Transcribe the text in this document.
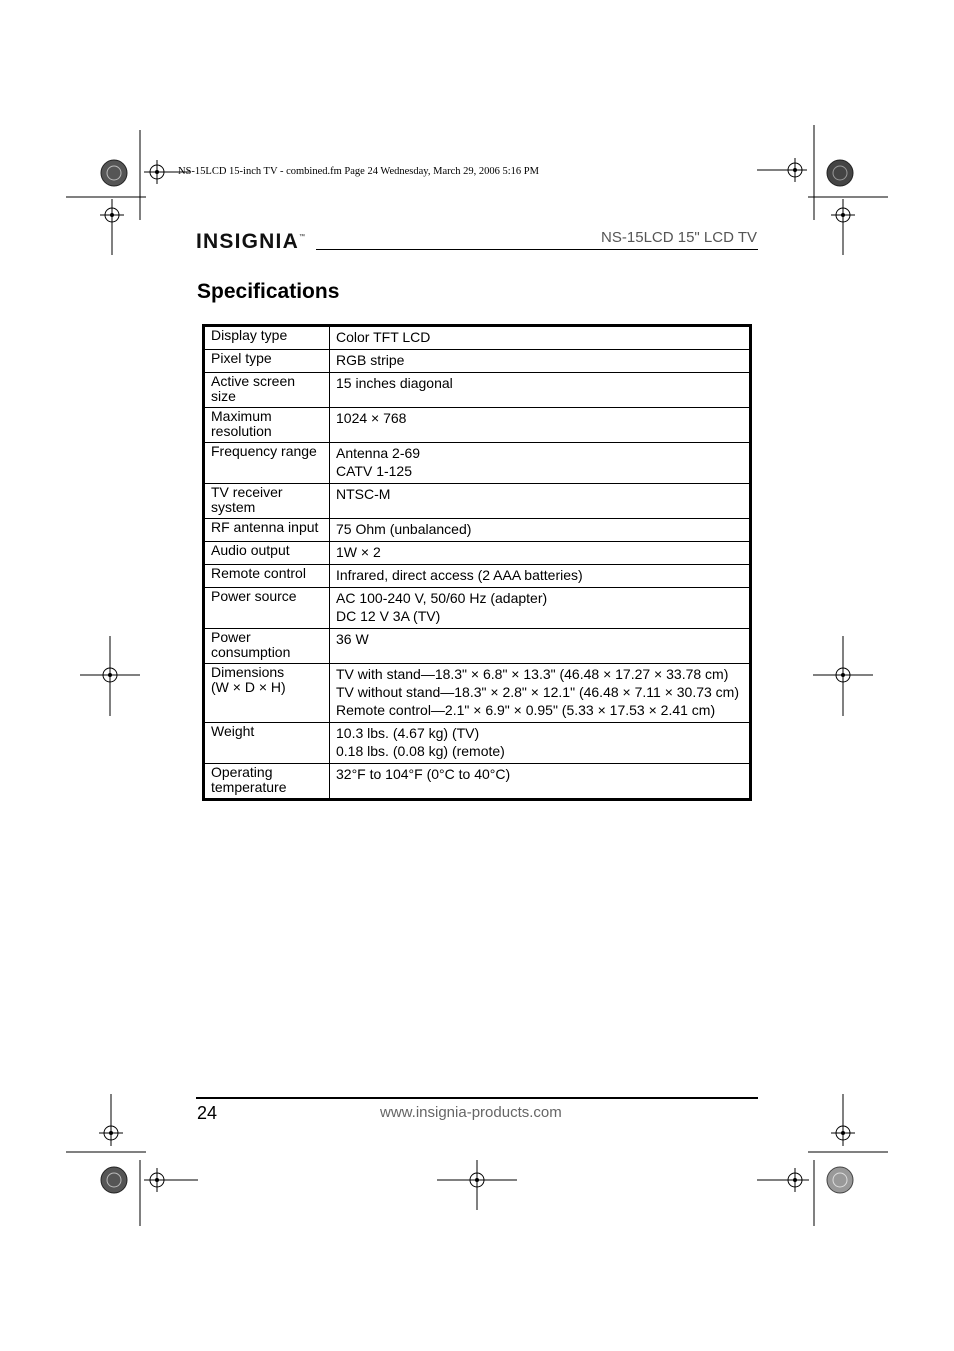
NS-15LCD 15-inch TV - combined.fm Page 24 Wednesday, March 29, 2006 5:16 PM
INSIGNIA™	NS-15LCD 15" LCD TV
Specifications
Display type	Color TFT LCD

Pixel type	RGB stripe

Active screen size	15 inches diagonal

Maximum
resolution	1024 × 768

Frequency range	Antenna 2-69
CATV 1-125

TV receiver
system	NTSC-M

RF antenna input	75 Ohm (unbalanced)

Audio output	1W × 2

Remote control	Infrared, direct access (2 AAA batteries)

Power source	AC 100-240 V, 50/60 Hz (adapter)
DC 12 V 3A (TV)

Power
consumption	36 W

Dimensions
(W × D × H)	TV with stand—18.3" × 6.8" × 13.3" (46.48 × 17.27 × 33.78 cm)
TV without stand—18.3" × 2.8" × 12.1" (46.48 × 7.11 × 30.73 cm)
Remote control—2.1" × 6.9" × 0.95" (5.33 × 17.53 × 2.41 cm)

Weight	10.3 lbs. (4.67 kg) (TV)
0.18 lbs. (0.08 kg) (remote)

Operating
temperature	32°F to 104°F (0°C to 40°C)
24	www.insignia-products.com
